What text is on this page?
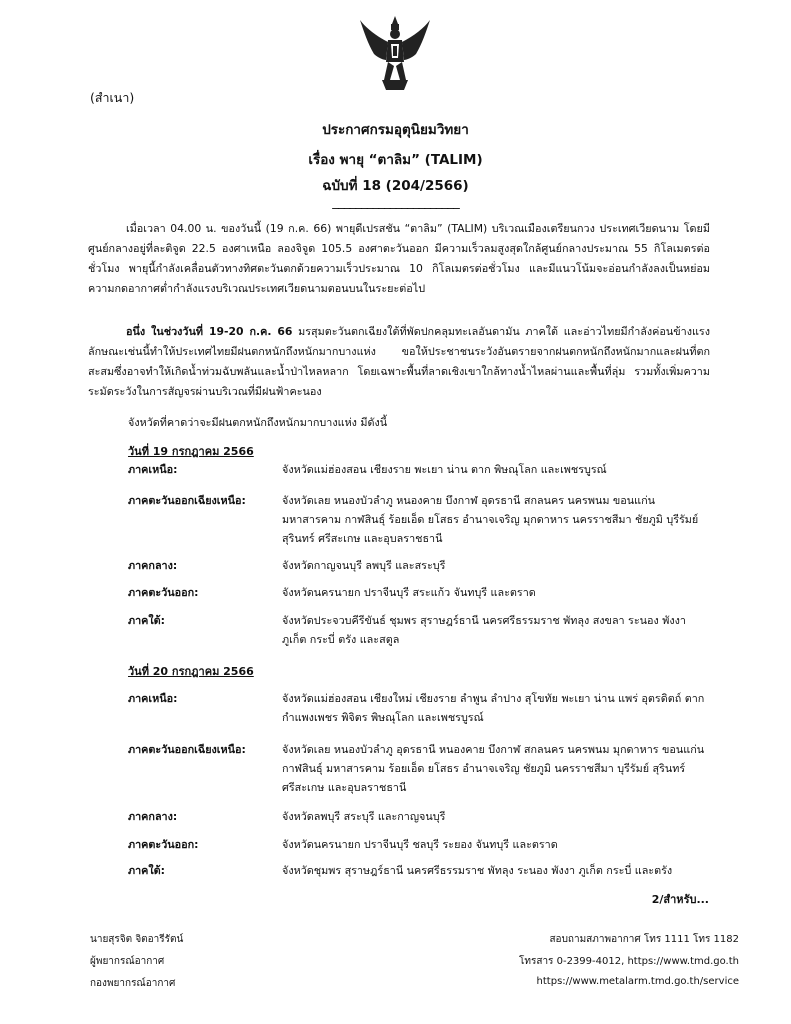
(สำเนา)
ประกาศกรมอุตุนิยมวิทยา
เรื่อง พายุ “ตาลิม” (TALIM)
ฉบับที่ 18 (204/2566)
______________________
เมื่อเวลา 04.00 น. ของวันนี้ (19 ก.ค. 66) พายุดีเปรสชัน “ตาลิม” (TALIM) บริเวณเมืองเตรียนกวง ประเทศเวียดนาม โดยมีศูนย์กลางอยู่ที่ละติจูด 22.5 องศาเหนือ ลองจิจูด 105.5 องศาตะวันออก มีความเร็วลมสูงสุดใกล้ศูนย์กลางประมาณ 55 กิโลเมตรต่อชั่วโมง พายุนี้กำลังเคลื่อนตัวทางทิศตะวันตกด้วยความเร็วประมาณ 10 กิโลเมตรต่อชั่วโมง และมีแนวโน้มจะอ่อนกำลังลงเป็นหย่อมความกดอากาศต่ำกำลังแรงบริเวณประเทศเวียดนามตอนบนในระยะต่อไป
อนึ่ง ในช่วงวันที่ 19-20 ก.ค. 66 มรสุมตะวันตกเฉียงใต้ที่พัดปกคลุมทะเลอันดามัน ภาคใต้ และอ่าวไทยมีกำลังค่อนข้างแรง ลักษณะเช่นนี้ทำให้ประเทศไทยมีฝนตกหนักถึงหนักมากบางแห่ง ขอให้ประชาชนระวังอันตรายจากฝนตกหนักถึงหนักมากและฝนที่ตกสะสมซึ่งอาจทำให้เกิดน้ำท่วมฉับพลันและน้ำป่าไหลหลาก โดยเฉพาะพื้นที่ลาดเชิงเขาใกล้ทางน้ำไหลผ่านและพื้นที่ลุ่ม รวมทั้งเพิ่มความระมัดระวังในการสัญจรผ่านบริเวณที่มีฝนฟ้าคะนอง
จังหวัดที่คาดว่าจะมีฝนตกหนักถึงหนักมากบางแห่ง มีดังนี้
วันที่ 19 กรกฎาคม 2566
ภาคเหนือ:	จังหวัดแม่ฮ่องสอน เชียงราย พะเยา น่าน ตาก พิษณุโลก และเพชรบูรณ์
ภาคตะวันออกเฉียงเหนือ:	จังหวัดเลย หนองบัวลำภู หนองคาย บึงกาฬ อุดรธานี สกลนคร นครพนม ขอนแก่น มหาสารคาม กาฬสินธุ์ ร้อยเอ็ด ยโสธร อำนาจเจริญ มุกดาหาร นครราชสีมา ชัยภูมิ บุรีรัมย์ สุรินทร์ ศรีสะเกษ และอุบลราชธานี
ภาคกลาง:	จังหวัดกาญจนบุรี ลพบุรี และสระบุรี
ภาคตะวันออก:	จังหวัดนครนายก ปราจีนบุรี สระแก้ว จันทบุรี และตราด
ภาคใต้:	จังหวัดประจวบคีรีขันธ์ ชุมพร สุราษฎร์ธานี นครศรีธรรมราช พัทลุง สงขลา ระนอง พังงา ภูเก็ต กระบี่ ตรัง และสตูล
วันที่ 20 กรกฎาคม 2566
ภาคเหนือ:	จังหวัดแม่ฮ่องสอน เชียงใหม่ เชียงราย ลำพูน ลำปาง สุโขทัย พะเยา น่าน แพร่ อุตรดิตถ์ ตาก กำแพงเพชร พิจิตร พิษณุโลก และเพชรบูรณ์
ภาคตะวันออกเฉียงเหนือ:	จังหวัดเลย หนองบัวลำภู อุดรธานี หนองคาย บึงกาฬ สกลนคร นครพนม มุกดาหาร ขอนแก่น กาฬสินธุ์ มหาสารคาม ร้อยเอ็ด ยโสธร อำนาจเจริญ ชัยภูมิ นครราชสีมา บุรีรัมย์ สุรินทร์ ศรีสะเกษ และอุบลราชธานี
ภาคกลาง:	จังหวัดลพบุรี สระบุรี และกาญจนบุรี
ภาคตะวันออก:	จังหวัดนครนายก ปราจีนบุรี ชลบุรี ระยอง จันทบุรี และตราด
ภาคใต้:	จังหวัดชุมพร สุราษฎร์ธานี นครศรีธรรมราช พัทลุง ระนอง พังงา ภูเก็ต กระบี่ และตรัง
2/สำหรับ...
นายสุรจิต จิตอารีรัตน์
ผู้พยากรณ์อากาศ
กองพยากรณ์อากาศ
สอบถามสภาพอากาศ โทร 1111 โทร 1182
โทรสาร 0-2399-4012, https://www.tmd.go.th
https://www.metalarm.tmd.go.th/service
